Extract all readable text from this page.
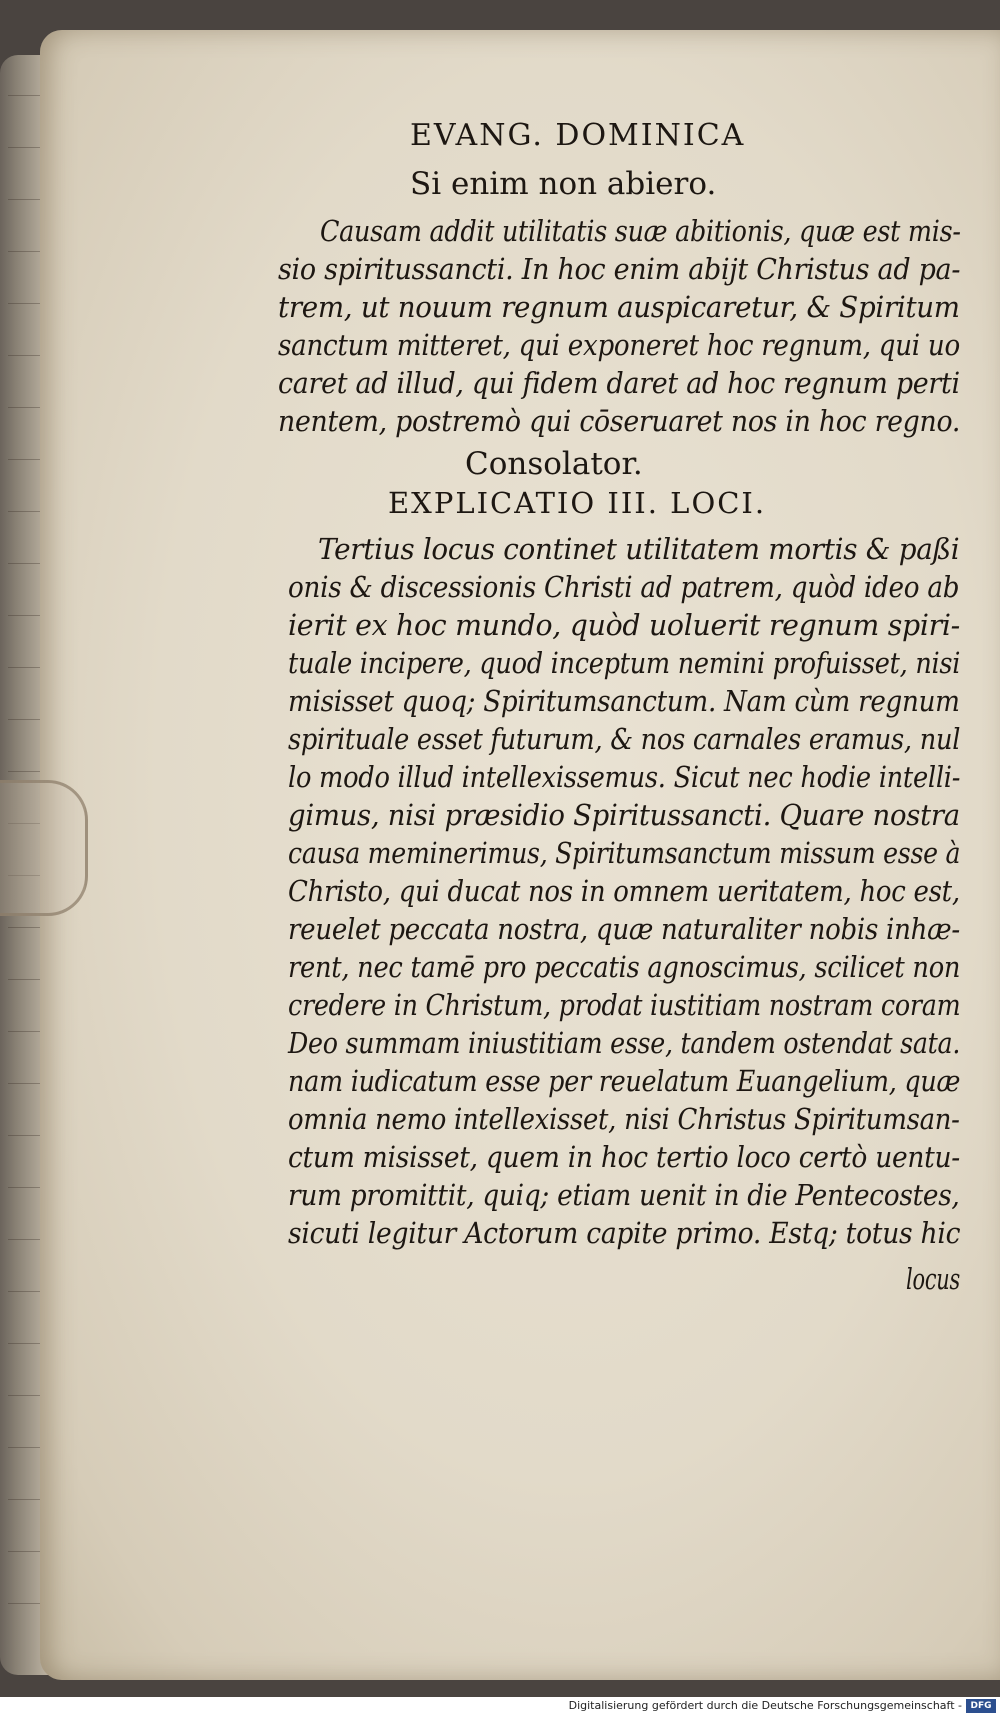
EVANG. DOMINICA
Si enim non abiero.
Causam addit utilitatis suæ abitionis, quæ est mis-
sio spiritussancti. In hoc enim abijt Christus ad pa-
trem, ut nouum regnum auspicaretur, & Spiritum
sanctum mitteret, qui exponeret hoc regnum, qui uo
caret ad illud, qui fidem daret ad hoc regnum perti
nentem, postremò qui cōseruaret nos in hoc regno.
Consolator.
EXPLICATIO III. LOCI.
Tertius locus continet utilitatem mortis & paßi
onis & discessionis Christi ad patrem, quòd ideo ab
ierit ex hoc mundo, quòd uoluerit regnum spiri-
tuale incipere, quod inceptum nemini profuisset, nisi
misisset quoq; Spiritumsanctum. Nam cùm regnum
spirituale esset futurum, & nos carnales eramus, nul
lo modo illud intellexissemus. Sicut nec hodie intelli-
gimus, nisi præsidio Spiritussancti. Quare nostra
causa meminerimus, Spiritumsanctum missum esse à
Christo, qui ducat nos in omnem ueritatem, hoc est,
reuelet peccata nostra, quæ naturaliter nobis inhæ-
rent, nec tamē pro peccatis agnoscimus, scilicet non
credere in Christum, prodat iustitiam nostram coram
Deo summam iniustitiam esse, tandem ostendat sata.
nam iudicatum esse per reuelatum Euangelium, quæ
omnia nemo intellexisset, nisi Christus Spiritumsan-
ctum misisset, quem in hoc tertio loco certò uentu-
rum promittit, quiq; etiam uenit in die Pentecostes,
sicuti legitur Actorum capite primo. Estq; totus hic
locus
Digitalisierung gefördert durch die Deutsche Forschungsgemeinschaft - DFG
